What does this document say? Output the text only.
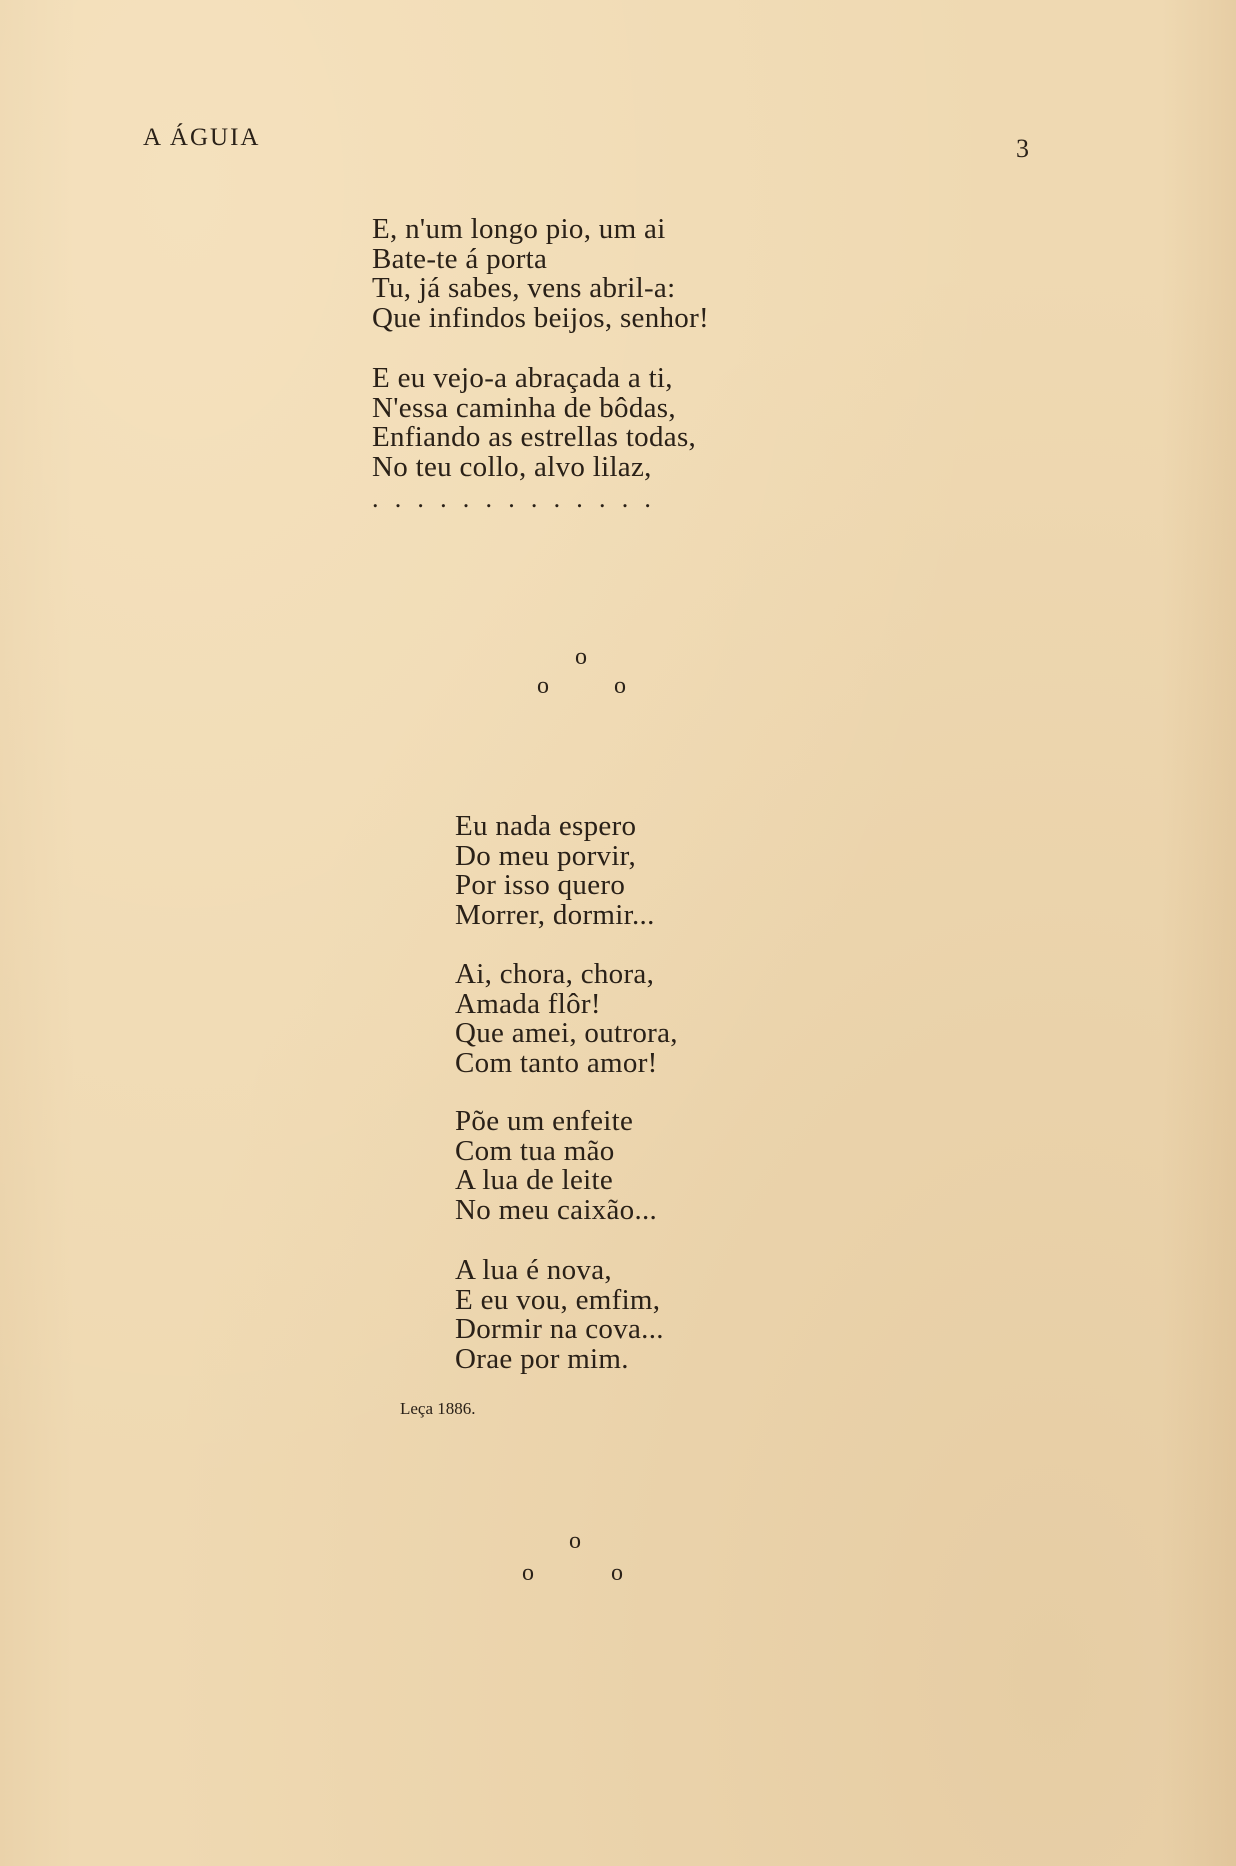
A ÁGUIA	3
E, n'um longo pio, um ai
Bate-te á porta
Tu, já sabes, vens abril-a:
Que infindos beijos, senhor!
E eu vejo-a abraçada a ti,
N'essa caminha de bôdas,
Enfiando as estrellas todas,
No teu collo, alvo lilaz,
.............
o
o	o
Eu nada espero
Do meu porvir,
Por isso quero
Morrer, dormir...
Ai, chora, chora,
Amada flôr!
Que amei, outrora,
Com tanto amor!
Põe um enfeite
Com tua mão
A lua de leite
No meu caixão...
A lua é nova,
E eu vou, emfim,
Dormir na cova...
Orae por mim.
Leça 1886.
o
o	o
